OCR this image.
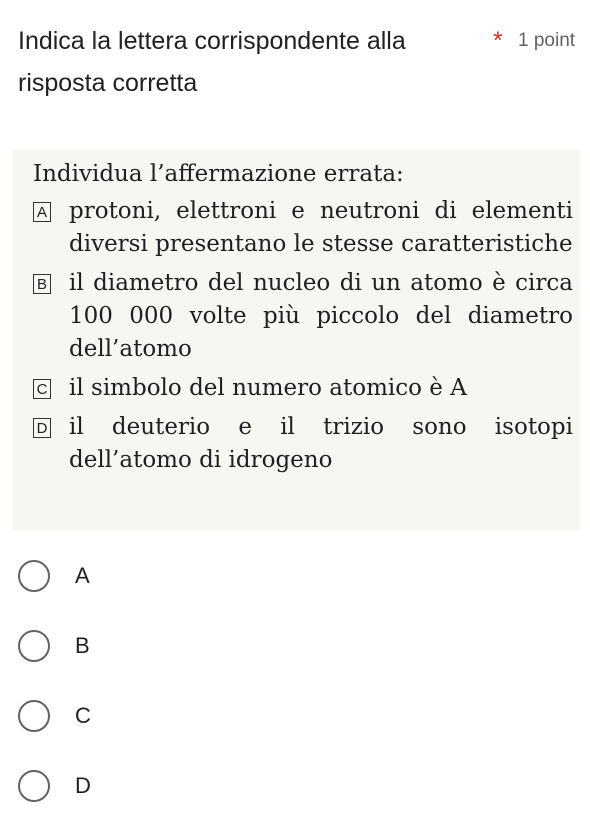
Indica la lettera corrispondente alla risposta corretta
* 1 point
Individua l’affermazione errata:
A protoni, elettroni e neutroni di elementi diversi presentano le stesse caratteristiche
B il diametro del nucleo di un atomo è circa 100 000 volte più piccolo del diametro dell’atomo
C il simbolo del numero atomico è A
D il deuterio e il trizio sono isotopi dell’atomo di idrogeno
A
B
C
D
